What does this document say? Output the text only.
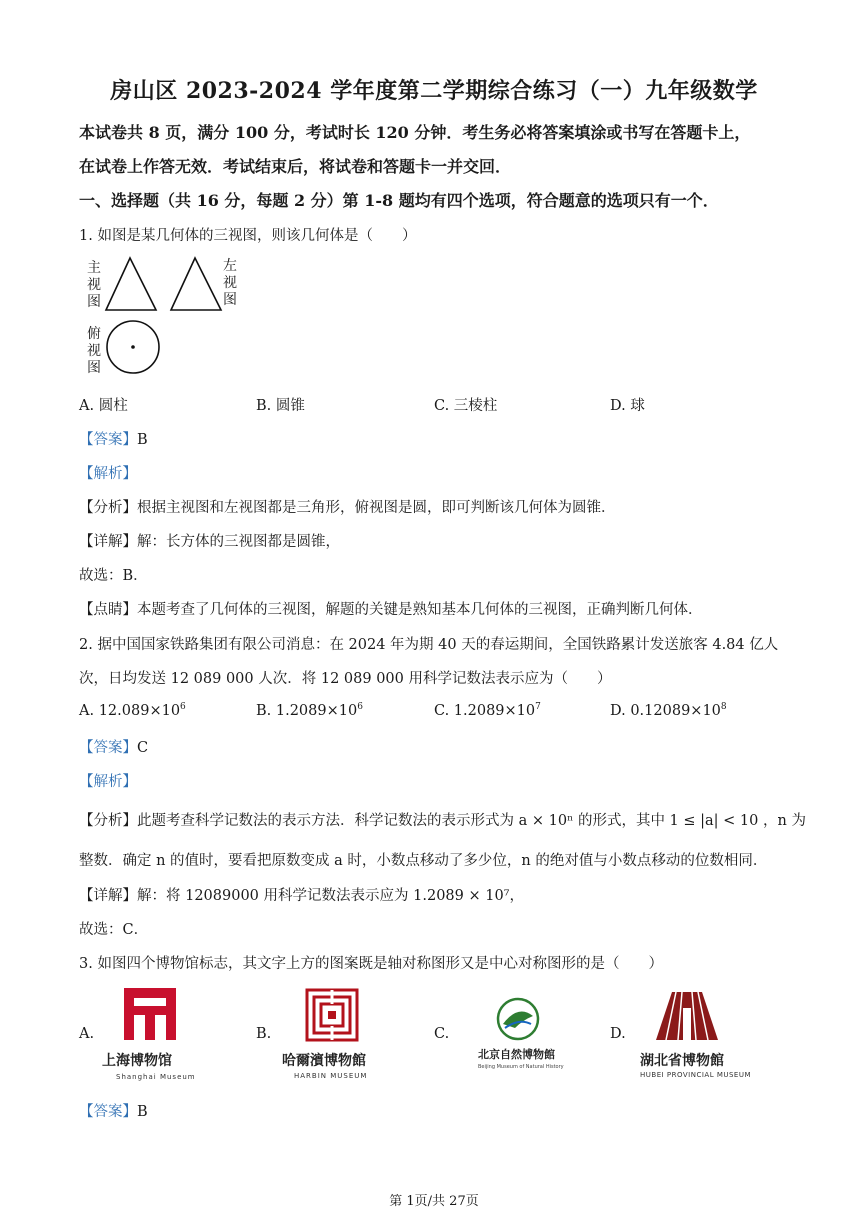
房山区 2023-2024 学年度第二学期综合练习（一）九年级数学
本试卷共 8 页，满分 100 分，考试时长 120 分钟．考生务必将答案填涂或书写在答题卡上，
在试卷上作答无效．考试结束后，将试卷和答题卡一并交回．
一、选择题（共 16 分，每题 2 分）第 1-8 题均有四个选项，符合题意的选项只有一个．
1. 如图是某几何体的三视图，则该几何体是（　　）
主视图
左视图
俯视图
A. 圆柱	B. 圆锥	C. 三棱柱	D. 球
【答案】B
【解析】
【分析】根据主视图和左视图都是三角形，俯视图是圆，即可判断该几何体为圆锥．
【详解】解：长方体的三视图都是圆锥，
故选：B．
【点睛】本题考查了几何体的三视图，解题的关键是熟知基本几何体的三视图，正确判断几何体．
2. 据中国国家铁路集团有限公司消息：在 2024 年为期 40 天的春运期间，全国铁路累计发送旅客 4.84 亿人
次，日均发送 12 089 000 人次．将 12 089 000 用科学记数法表示应为（　　）
A. $12.089\times 10^6$	B. $1.2089\times 10^6$	C. $1.2089\times 10^7$	D. $0.12089\times 10^8$
【答案】C
【解析】
【分析】此题考查科学记数法的表示方法．科学记数法的表示形式为 a × 10ⁿ 的形式，其中 1 ≤ |a| < 10 ，n 为
整数．确定 n 的值时，要看把原数变成 a 时，小数点移动了多少位，n 的绝对值与小数点移动的位数相同．
【详解】解：将 12089000 用科学记数法表示应为 1.2089 × 10⁷，
故选：C．
3. 如图四个博物馆标志，其文字上方的图案既是轴对称图形又是中心对称图形的是（　　）
A.	B.	C.	D.
上海博物馆
Shanghai Museum
哈爾濱博物館
HARBIN MUSEUM
北京自然博物館
Beijing Museum of Natural History	湖北省博物館
HUBEI PROVINCIAL MUSEUM
【答案】B
第 1页/共 27页
